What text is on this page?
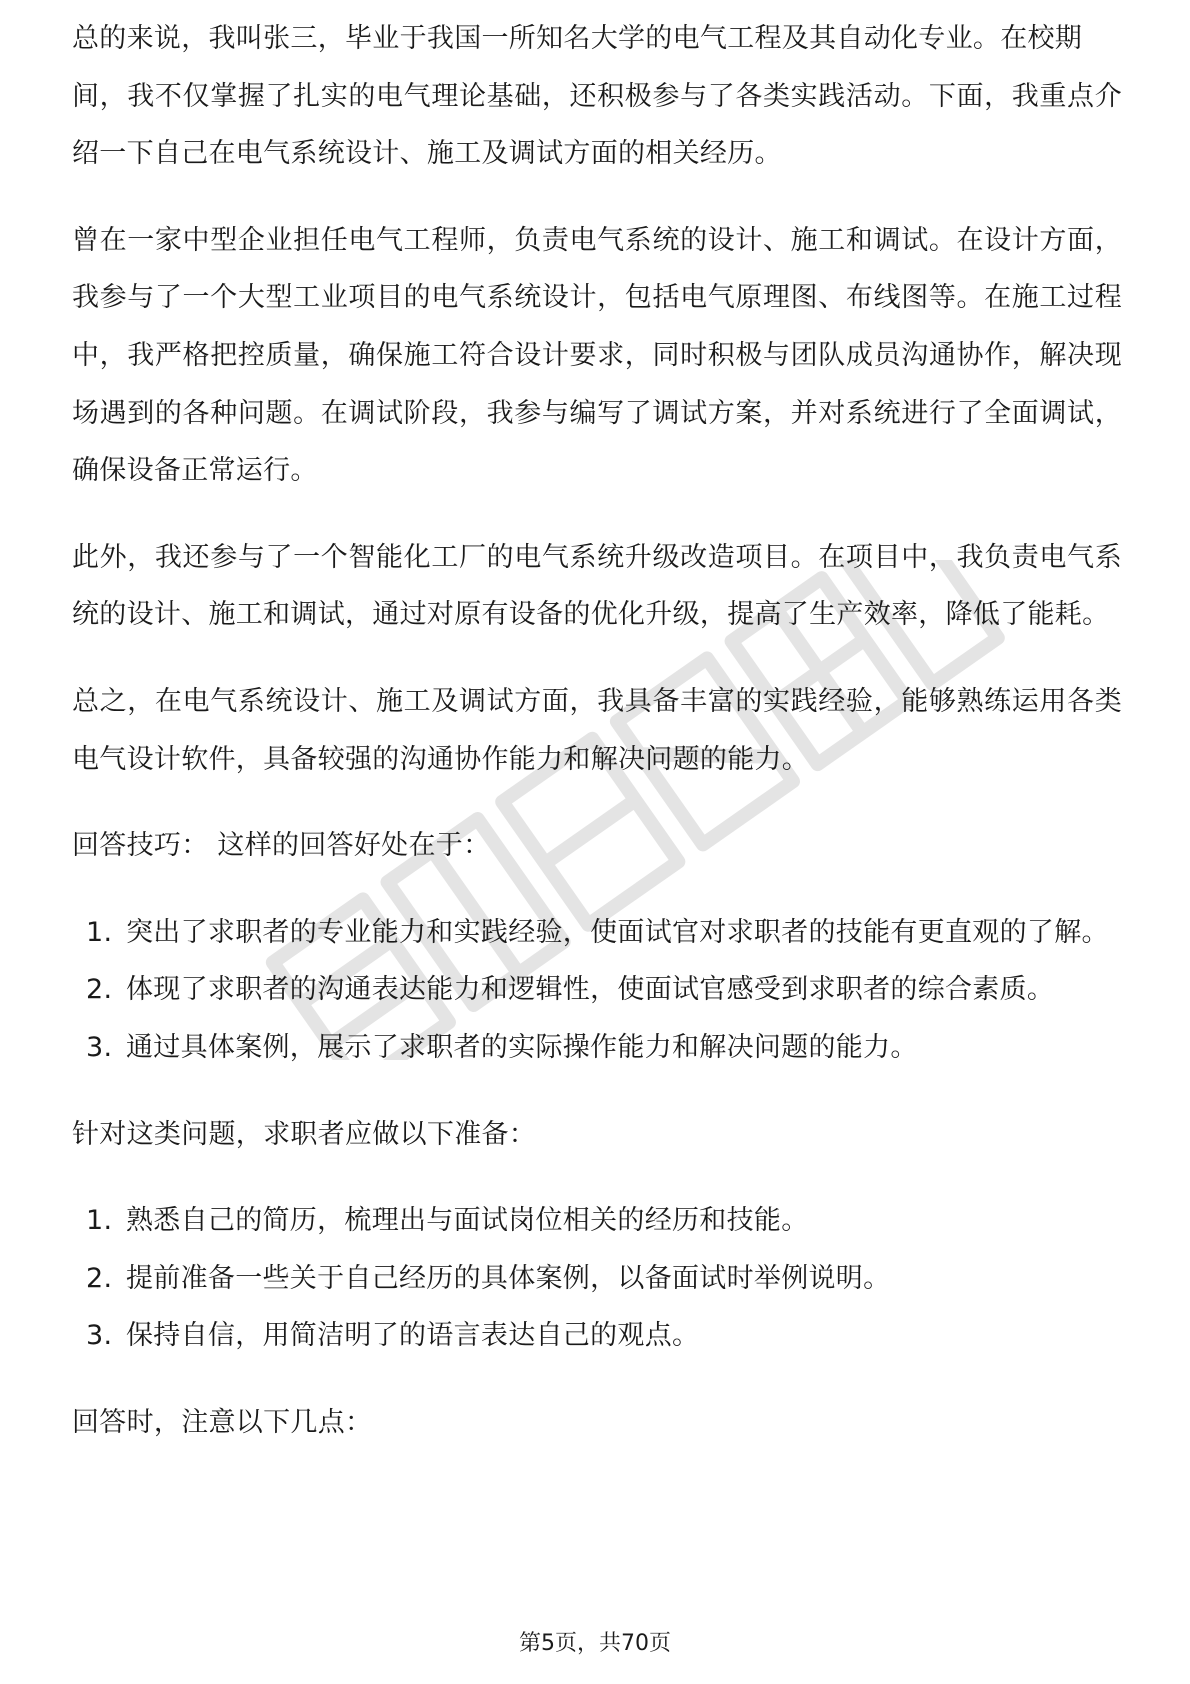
总的来说，我叫张三，毕业于我国一所知名大学的电气工程及其自动化专业。在校期

间，我不仅掌握了扎实的电气理论基础，还积极参与了各类实践活动。下面，我重点介绍一下自己在电气系统设计、施工及调试方面的相关经历。

曾在一家中型企业担任电气工程师，负责电气系统的设计、施工和调试。在设计方面，我参与了一个大型工业项目的电气系统设计，包括电气原理图、布线图等。在施工过程中，我严格把控质量，确保施工符合设计要求，同时积极与团队成员沟通协作，解决现场遇到的各种问题。在调试阶段，我参与编写了调试方案，并对系统进行了全面调试，确保设备正常运行。

此外，我还参与了一个智能化工厂的电气系统升级改造项目。在项目中，我负责电气系统的设计、施工和调试，通过对原有设备的优化升级，提高了生产效率，降低了能耗。

总之，在电气系统设计、施工及调试方面，我具备丰富的实践经验，能够熟练运用各类电气设计软件，具备较强的沟通协作能力和解决问题的能力。

回答技巧： 这样的回答好处在于：

1. 突出了求职者的专业能力和实践经验，使面试官对求职者的技能有更直观的了解。
2. 体现了求职者的沟通表达能力和逻辑性，使面试官感受到求职者的综合素质。
3. 通过具体案例，展示了求职者的实际操作能力和解决问题的能力。

针对这类问题，求职者应做以下准备：

1. 熟悉自己的简历，梳理出与面试岗位相关的经历和技能。
2. 提前准备一些关于自己经历的具体案例，以备面试时举例说明。
3. 保持自信，用简洁明了的语言表达自己的观点。

回答时，注意以下几点：

第5页，共70页
